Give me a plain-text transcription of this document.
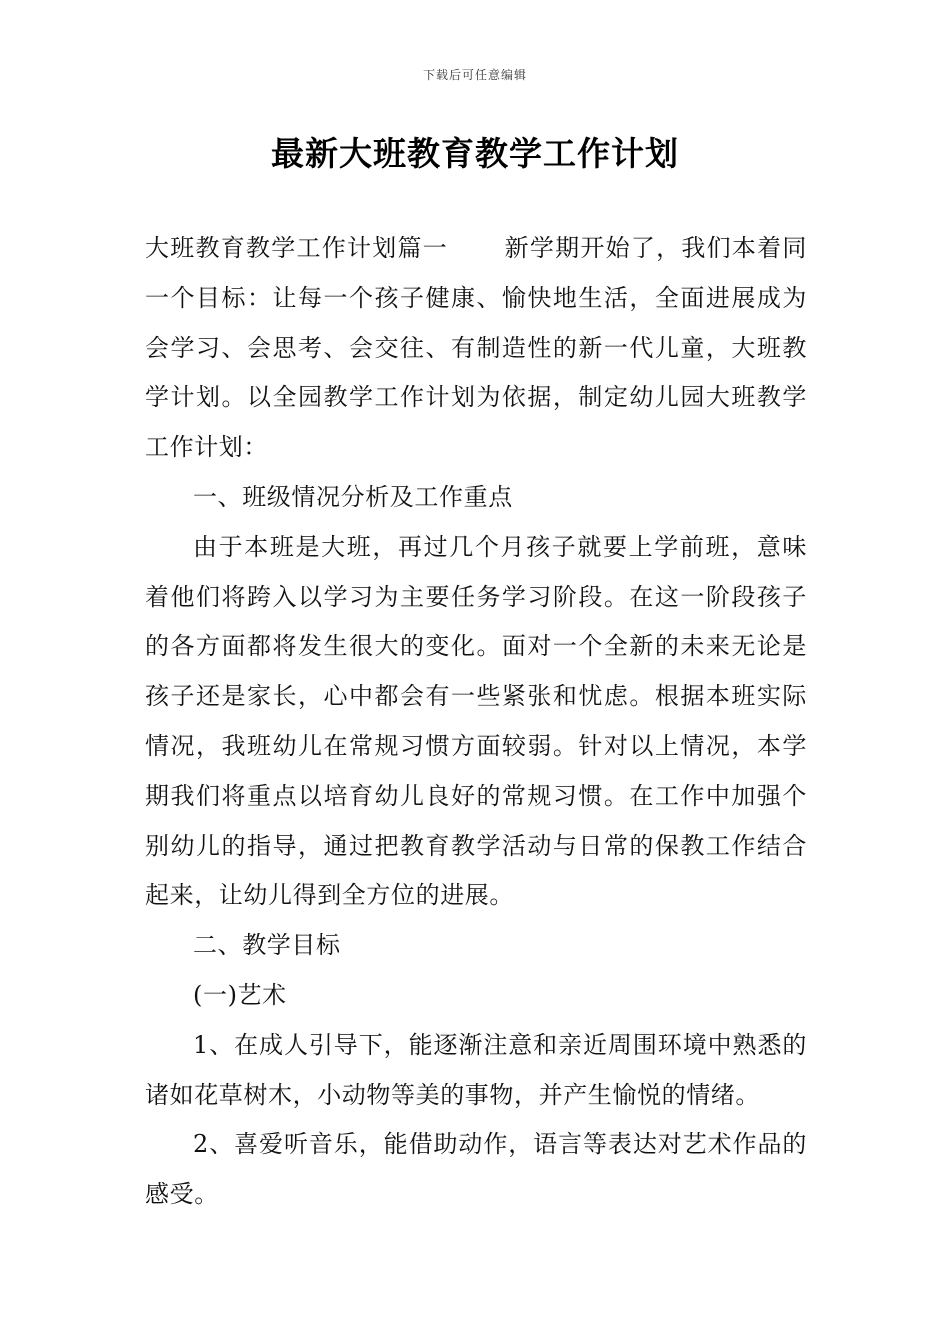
下载后可任意编辑
最新大班教育教学工作计划

大班教育教学工作计划篇一 新学期开始了，我们本着同一个目标：让每一个孩子健康、愉快地生活，全面进展成为会学习、会思考、会交往、有制造性的新一代儿童，大班教学计划。以全园教学工作计划为依据，制定幼儿园大班教学工作计划：

一、班级情况分析及工作重点

由于本班是大班，再过几个月孩子就要上学前班，意味着他们将跨入以学习为主要任务学习阶段。在这一阶段孩子的各方面都将发生很大的变化。面对一个全新的未来无论是孩子还是家长，心中都会有一些紧张和忧虑。根据本班实际情况，我班幼儿在常规习惯方面较弱。针对以上情况，本学期我们将重点以培育幼儿良好的常规习惯。在工作中加强个别幼儿的指导，通过把教育教学活动与日常的保教工作结合起来，让幼儿得到全方位的进展。

二、教学目标

(一)艺术

1、在成人引导下，能逐渐注意和亲近周围环境中熟悉的诸如花草树木，小动物等美的事物，并产生愉悦的情绪。

2、喜爱听音乐，能借助动作，语言等表达对艺术作品的感受。
